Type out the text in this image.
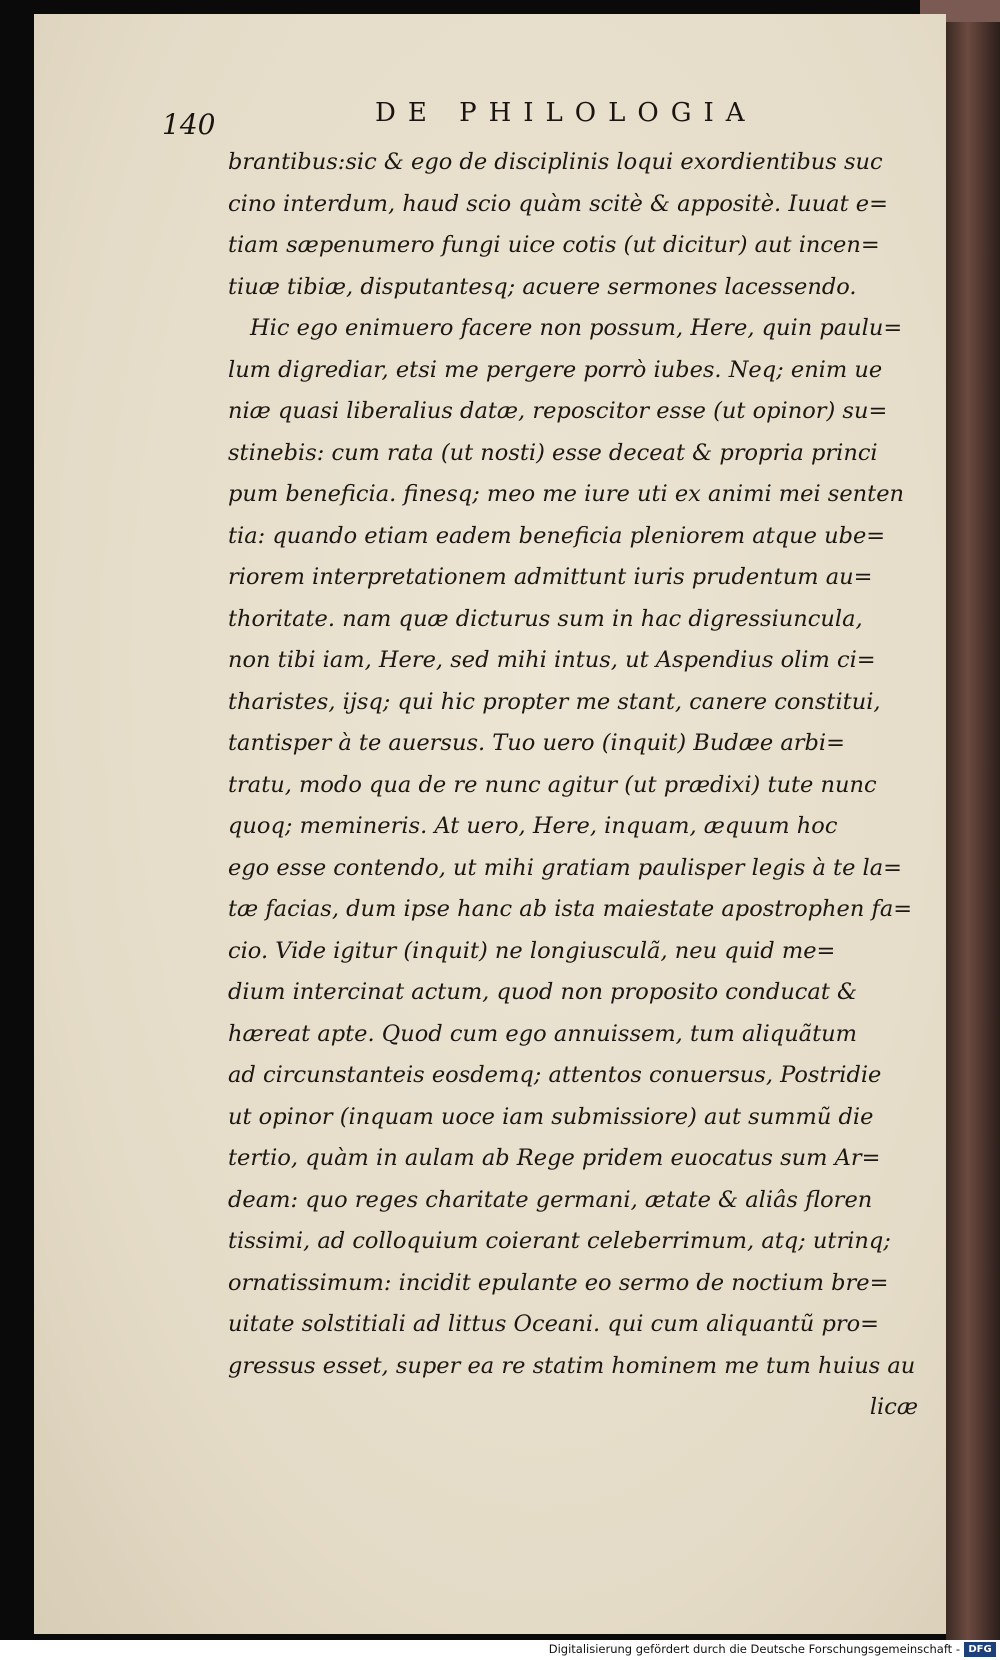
140	DE PHILOLOGIA
brantibus:sic & ego de disciplinis loqui exordientibus suc
cino interdum, haud scio quàm scitè & appositè. Iuuat e=
tiam sæpenumero fungi uice cotis (ut dicitur) aut incen=
tiuæ tibiæ, disputantesq; acuere sermones lacessendo.
Hic ego enimuero facere non possum, Here, quin paulu=
lum digrediar, etsi me pergere porrò iubes. Neq; enim ue
niæ quasi liberalius datæ, reposcitor esse (ut opinor) su=
stinebis: cum rata (ut nosti) esse deceat & propria princi
pum beneficia. finesq; meo me iure uti ex animi mei senten
tia: quando etiam eadem beneficia pleniorem atque ube=
riorem interpretationem admittunt iuris prudentum au=
thoritate. nam quæ dicturus sum in hac digressiuncula,
non tibi iam, Here, sed mihi intus, ut Aspendius olim ci=
tharistes, ijsq; qui hic propter me stant, canere constitui,
tantisper à te auersus. Tuo uero (inquit) Budæe arbi=
tratu, modo qua de re nunc agitur (ut prædixi) tute nunc
quoq; memineris. At uero, Here, inquam, æquum hoc
ego esse contendo, ut mihi gratiam paulisper legis à te la=
tæ facias, dum ipse hanc ab ista maiestate apostrophen fa=
cio. Vide igitur (inquit) ne longiusculã, neu quid me=
dium intercinat actum, quod non proposito conducat &
hæreat apte. Quod cum ego annuissem, tum aliquãtum
ad circunstanteis eosdemq; attentos conuersus, Postridie
ut opinor (inquam uoce iam submissiore) aut summũ die
tertio, quàm in aulam ab Rege pridem euocatus sum Ar=
deam: quo reges charitate germani, ætate & aliâs floren
tissimi, ad colloquium coierant celeberrimum, atq; utrinq;
ornatissimum: incidit epulante eo sermo de noctium bre=
uitate solstitiali ad littus Oceani. qui cum aliquantũ pro=
gressus esset, super ea re statim hominem me tum huius au
licæ
Digitalisierung gefördert durch die Deutsche Forschungsgemeinschaft - DFG
